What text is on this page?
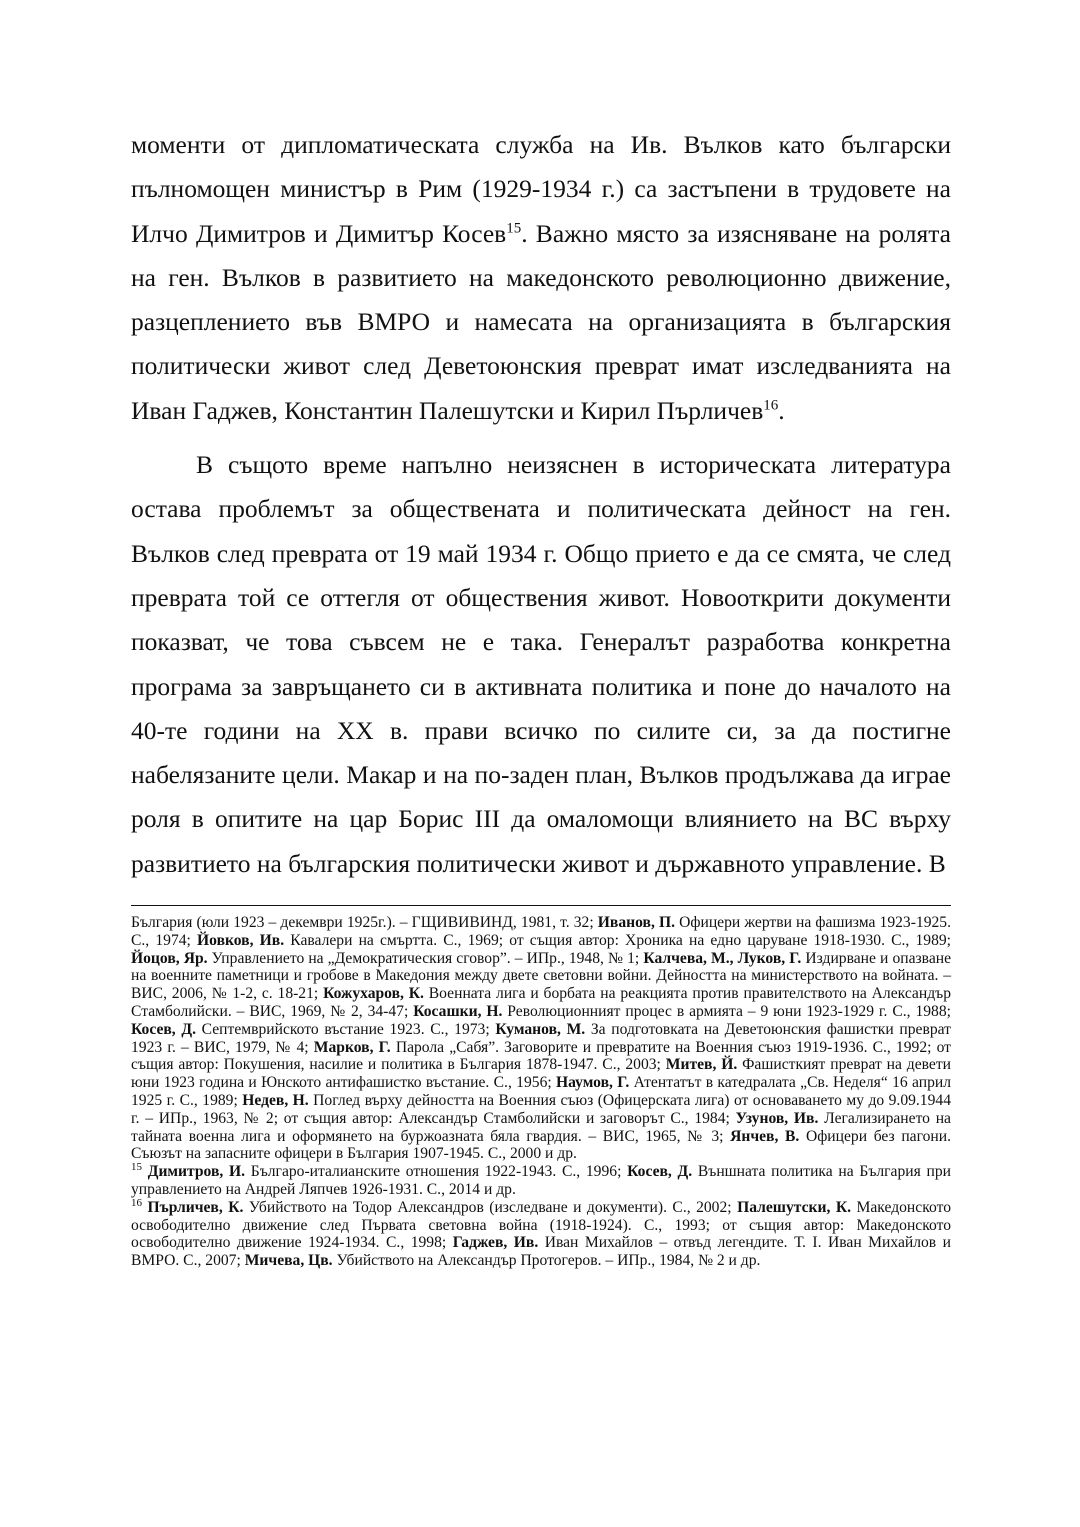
моменти от дипломатическата служба на Ив. Вълков като български пълномощен министър в Рим (1929-1934 г.) са застъпени в трудовете на Илчо Димитров и Димитър Косев$^{15}$. Важно място за изясняване на ролята на ген. Вълков в развитието на македонското революционно движение, разцеплението във ВМРО и намесата на организацията в българския политически живот след Деветоюнския преврат имат изследванията на Иван Гаджев, Константин Палешутски и Кирил Пърличев$^{16}$.

В същото време напълно неизяснен в историческата литература остава проблемът за обществената и политическата дейност на ген. Вълков след преврата от 19 май 1934 г. Общо прието е да се смята, че след преврата той се оттегля от обществения живот. Новооткрити документи показват, че това съвсем не е така. Генералът разработва конкретна програма за завръщането си в активната политика и поне до началото на 40-те години на XX в. прави всичко по силите си, за да постигне набелязаните цели. Макар и на по-заден план, Вълков продължава да играе роля в опитите на цар Борис III да омаломощи влиянието на ВС върху развитието на българския политически живот и държавното управление. В

България (юли 1923 – декември 1925г.). – ГЩИВИВИНД, 1981, т. 32; Иванов, П. Офицери жертви на фашизма 1923-1925. С., 1974; Йовков, Ив. Кавалери на смъртта. С., 1969; от същия автор: Хроника на едно царуване 1918-1930. С., 1989; Йоцов, Яр. Управлението на „Демократическия сговор”. – ИПр., 1948, № 1; Калчева, М., Луков, Г. Издирване и опазване на военните паметници и гробове в Македония между двете световни войни. Дейността на министерството на войната. – ВИС, 2006, № 1-2, с. 18-21; Кожухаров, К. Военната лига и борбата на реакцията против правителството на Александър Стамболийски. – ВИС, 1969, № 2, 34-47; Косашки, Н. Революционният процес в армията – 9 юни 1923-1929 г. С., 1988; Косев, Д. Септемврийското въстание 1923. С., 1973; Куманов, М. За подготовката на Деветоюнския фашистки преврат 1923 г. – ВИС, 1979, № 4; Марков, Г. Парола „Сабя”. Заговорите и превратите на Военния съюз 1919-1936. С., 1992; от същия автор: Покушения, насилие и политика в България 1878-1947. С., 2003; Митев, Й. Фашисткият преврат на девети юни 1923 година и Юнското антифашистко въстание. С., 1956; Наумов, Г. Атентатът в катедралата „Св. Неделя“ 16 април 1925 г. С., 1989; Недев, Н. Поглед върху дейността на Военния съюз (Офицерската лига) от основаването му до 9.09.1944 г. – ИПр., 1963, № 2; от същия автор: Александър Стамболийски и заговорът С., 1984; Узунов, Ив. Легализирането на тайната военна лига и оформянето на буржоазната бяла гвардия. – ВИС, 1965, № 3; Янчев, В. Офицери без пагони. Съюзът на запасните офицери в България 1907-1945. С., 2000 и др.

$^{15}$ Димитров, И. Българо-италианските отношения 1922-1943. С., 1996; Косев, Д. Външната политика на България при управлението на Андрей Ляпчев 1926-1931. С., 2014 и др.

$^{16}$ Пърличев, К. Убийството на Тодор Александров (изследване и документи). С., 2002; Палешутски, К. Македонското освободително движение след Първата световна война (1918-1924). С., 1993; от същия автор: Македонското освободително движение 1924-1934. С., 1998; Гаджев, Ив. Иван Михайлов – отвъд легендите. Т. I. Иван Михайлов и ВМРО. С., 2007; Мичева, Цв. Убийството на Александър Протогеров. – ИПр., 1984, № 2 и др.
